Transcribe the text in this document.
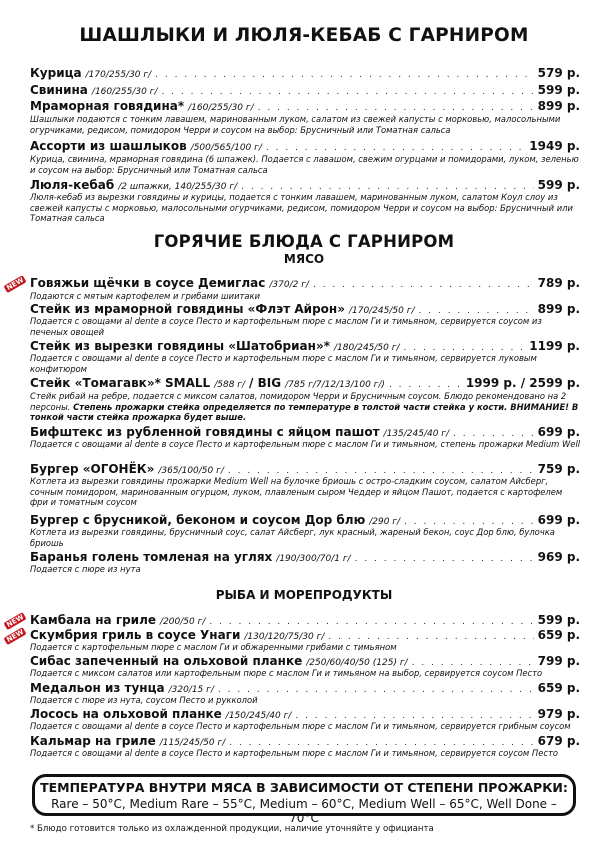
ШАШЛЫКИ И ЛЮЛЯ-КЕБАБ С ГАРНИРОМ
Курица /170/255/30 г/ . . .	579 р.
Свинина /160/255/30 г/ . . .	599 р.
Мраморная говядина* /160/255/30 г/ . . .	899 р.
Шашлыки подаются с тонким лавашем, маринованным луком, салатом из свежей капусты с морковью, малосольными огурчиками, редисом, помидором Черри и соусом на выбор: Брусничный или Томатная сальса
Ассорти из шашлыков /500/565/100 г/ . . .	1949 р.
Курица, свинина, мраморная говядина (6 шпажек). Подается с лавашом, свежим огурцами и помидорами, луком, зеленью и соусом на выбор: Брусничный или Томатная сальса
Люля-кебаб /2 шпажки, 140/255/30 г/ . . .	599 р.
Люля-кебаб из вырезки говядины и курицы, подается с тонким лавашем, маринованным луком, салатом Коул слоу из свежей капусты с морковью, малосольными огурчиками, редисом, помидором Черри и соусом на выбор: Брусничный или Томатная сальса
ГОРЯЧИЕ БЛЮДА С ГАРНИРОМ
МЯСО
NEW Говяжьи щёчки в соусе Демиглас /370/2 г/ . . .	789 р.
Подаются с мятым картофелем и грибами шиитаки
Стейк из мраморной говядины «Флэт Айрон» /170/245/50 г/ . . .	899 р.
Подается с овощами al dente в соусе Песто и картофельным пюре с маслом Ги и тимьяном, сервируется соусом из печеных овощей
Стейк из вырезки говядины «Шатобриан»* /180/245/50 г/ . . .	1199 р.
Подается с овощами al dente в соусе Песто и картофельным пюре с маслом Ги и тимьяном, сервируется луковым конфитюром
Стейк «Томагавк»* SMALL /588 г/ / BIG /785 г/7/12/13/100 г/) . . .	1999 р. / 2599 р.
Стейк рибай на ребре, подается с миксом салатов, помидором Черри и Брусничным соусом. Блюдо рекомендовано на 2 персоны. Степень прожарки стейка определяется по температуре в толстой части стейка у кости. ВНИМАНИЕ! В тонкой части стейка прожарка будет выше.
Бифштекс из рубленной говядины с яйцом пашот /135/245/40 г/ . . .	699 р.
Подается с овощами al dente в соусе Песто и картофельным пюре с маслом Ги и тимьяном, степень прожарки Medium Well
Бургер «ОГОНЁК» /365/100/50 г/ . . .	759 р.
Котлета из вырезки говядины прожарки Medium Well на булочке бриошь с остро-сладким соусом, салатом Айсберг, сочным помидором, маринованным огурцом, луком, плавленым сыром Чеддер и яйцом Пашот, подается с картофелем фри и томатным соусом
Бургер с брусникой, беконом и соусом Дор блю /290 г/ . . .	699 р.
Котлета из вырезки говядины, брусничный соус, салат Айсберг, лук красный, жареный бекон, соус Дор блю, булочка бриошь
Баранья голень томленая на углях /190/300/70/1 г/ . . .	969 р.
Подается с пюре из нута
РЫБА И МОРЕПРОДУКТЫ
NEW Камбала на гриле /200/50 г/ . . .	599 р.
NEW Скумбрия гриль в соусе Унаги /130/120/75/30 г/ . . .	659 р.
Подается с картофельным пюре с маслом Ги и обжаренными грибами с тимьяном
Сибас запеченный на ольховой планке /250/60/40/50 (125) г/ . . .	799 р.
Подается с миксом салатов или картофельным пюре с маслом Ги и тимьяном на выбор, сервируется соусом Песто
Медальон из тунца /320/15 г/ . . .	659 р.
Подается с пюре из нута, соусом Песто и рукколой
Лосось на ольховой планке /150/245/40 г/ . . .	979 р.
Подается с овощами al dente в соусе Песто и картофельным пюре с маслом Ги и тимьяном, сервируется грибным соусом
Кальмар на гриле /115/245/50 г/ . . .	679 р.
Подается с овощами al dente в соусе Песто и картофельным пюре с маслом Ги и тимьяном, сервируется соусом Песто
ТЕМПЕРАТУРА ВНУТРИ МЯСА В ЗАВИСИМОСТИ ОТ СТЕПЕНИ ПРОЖАРКИ:
Rare – 50°C, Medium Rare – 55°C, Medium – 60°C, Medium Well – 65°C, Well Done – 70°C
* Блюдо готовится только из охлажденной продукции, наличие уточняйте у официанта
